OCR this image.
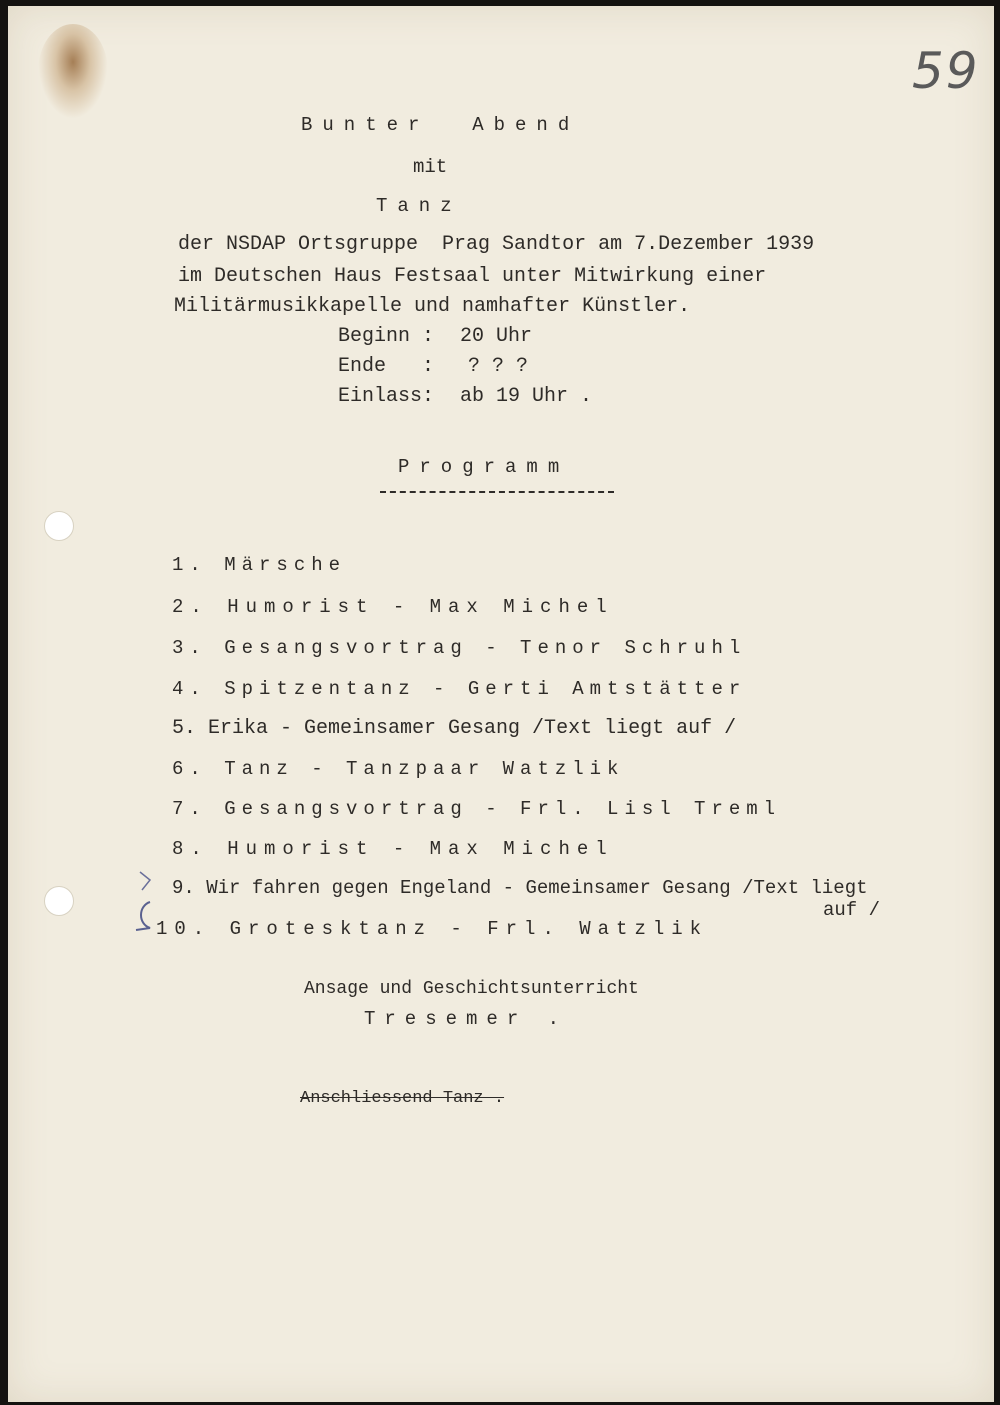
59
Bunter  Abend
mit
Tanz
der NSDAP Ortsgruppe  Prag Sandtor am 7.Dezember 1939
im Deutschen Haus Festsaal unter Mitwirkung einer
Militärmusikkapelle und namhafter Künstler.
Beginn : 20 Uhr
Ende   : ? ? ?
Einlass: ab 19 Uhr .
Programm
1. Märsche
2. Humorist - Max Michel
3. Gesangsvortrag - Tenor Schruhl
4. Spitzentanz - Gerti Amtstätter
5. Erika - Gemeinsamer Gesang /Text liegt auf /
6. Tanz - Tanzpaar Watzlik
7. Gesangsvortrag - Frl. Lisl Treml
8. Humorist - Max Michel
9. Wir fahren gegen Engeland - Gemeinsamer Gesang /Text liegt
auf /
10. Grotesktanz - Frl. Watzlik
Ansage und Geschichtsunterricht
Tresemer .
Anschliessend Tanz .
